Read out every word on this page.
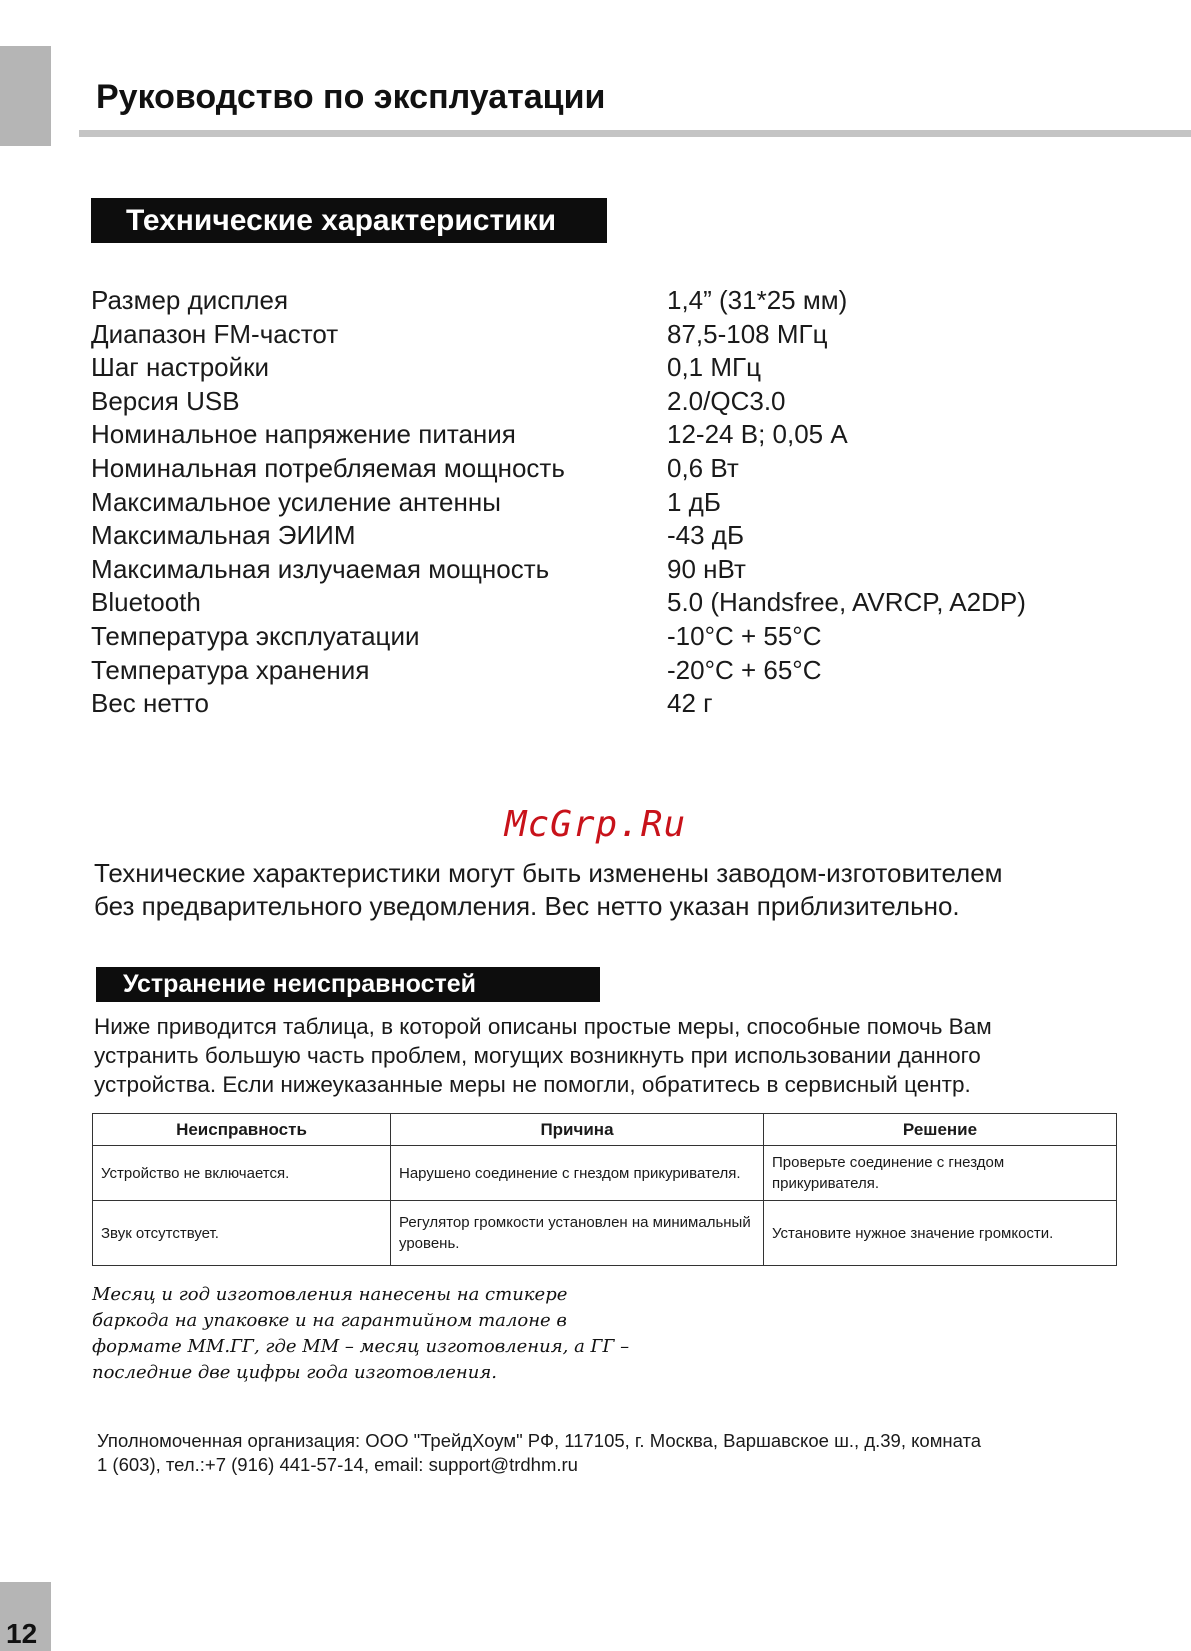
12
Руководство по эксплуатации
Технические характеристики
Размер дисплея	1,4” (31*25 мм)
Диапазон FM-частот	87,5-108 МГц
Шаг настройки	0,1 МГц
Версия USB	2.0/QC3.0
Номинальное напряжение питания	12-24 В; 0,05 А
Номинальная потребляемая мощность	0,6 Вт
Максимальное усиление антенны	1 дБ
Максимальная ЭИИМ	-43 дБ
Максимальная излучаемая мощность	90 нВт
Bluetooth	5.0 (Handsfree, AVRCP, A2DP)
Температура эксплуатации	-10°С + 55°С
Температура хранения	-20°С + 65°С
Вес нетто	42 г
McGrp.Ru
Технические характеристики могут быть изменены заводом-изготовителем
без предварительного уведомления. Вес нетто указан приблизительно.
Устранение неисправностей
Ниже приводится таблица, в которой описаны простые меры, способные помочь Вам
устранить большую часть проблем, могущих возникнуть при использовании данного
устройства. Если нижеуказанные меры не помогли, обратитесь в сервисный центр.
Неисправность	Причина	Решение
Устройство не включается.	Нарушено соединение с гнездом прикуривателя.	Проверьте соединение с гнездом прикуривателя.
Звук отсутствует.	Регулятор громкости установлен на минимальный уровень.	Установите нужное значение громкости.
Месяц и год изготовления нанесены на стикере
баркода на упаковке и на гарантийном талоне в
формате ММ.ГГ, где ММ – месяц изготовления, а ГГ –
последние две цифры года изготовления.
Уполномоченная организация: ООО "ТрейдХоум" РФ, 117105, г. Москва, Варшавское ш., д.39, комната
1 (603), тел.:+7 (916) 441-57-14, email: support@trdhm.ru
